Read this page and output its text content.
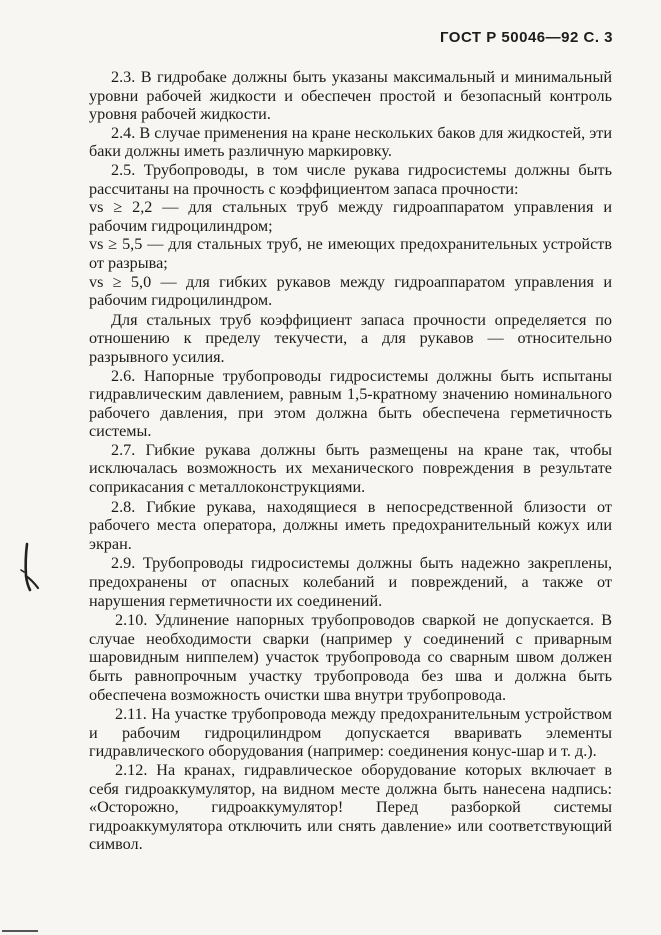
ГОСТ Р 50046—92 С. 3

2.3. В гидробаке должны быть указаны максимальный и минимальный уровни рабочей жидкости и обеспечен простой и безопасный контроль уровня рабочей жидкости.

2.4. В случае применения на кране нескольких баков для жидкостей, эти баки должны иметь различную маркировку.

2.5. Трубопроводы, в том числе рукава гидросистемы должны быть рассчитаны на прочность с коэффициентом запаса прочности:

vs ≥ 2,2 — для стальных труб между гидроаппаратом управления и рабочим гидроцилиндром;

vs ≥ 5,5 — для стальных труб, не имеющих предохранительных устройств от разрыва;

vs ≥ 5,0 — для гибких рукавов между гидроаппаратом управления и рабочим гидроцилиндром.

Для стальных труб коэффициент запаса прочности определяется по отношению к пределу текучести, а для рукавов — относительно разрывного усилия.

2.6. Напорные трубопроводы гидросистемы должны быть испытаны гидравлическим давлением, равным 1,5-кратному значению номинального рабочего давления, при этом должна быть обеспечена герметичность системы.

2.7. Гибкие рукава должны быть размещены на кране так, чтобы исключалась возможность их механического повреждения в результате соприкасания с металлоконструкциями.

2.8. Гибкие рукава, находящиеся в непосредственной близости от рабочего места оператора, должны иметь предохранительный кожух или экран.

2.9. Трубопроводы гидросистемы должны быть надежно закреплены, предохранены от опасных колебаний и повреждений, а также от нарушения герметичности их соединений.

2.10. Удлинение напорных трубопроводов сваркой не допускается. В случае необходимости сварки (например у соединений с приварным шаровидным ниппелем) участок трубопровода со сварным швом должен быть равнопрочным участку трубопровода без шва и должна быть обеспечена возможность очистки шва внутри трубопровода.

2.11. На участке трубопровода между предохранительным устройством и рабочим гидроцилиндром допускается вваривать элементы гидравлического оборудования (например: соединения конус-шар и т. д.).

2.12. На кранах, гидравлическое оборудование которых включает в себя гидроаккумулятор, на видном месте должна быть нанесена надпись: «Осторожно, гидроаккумулятор! Перед разборкой системы гидроаккумулятора отключить или снять давление» или соответствующий символ.
